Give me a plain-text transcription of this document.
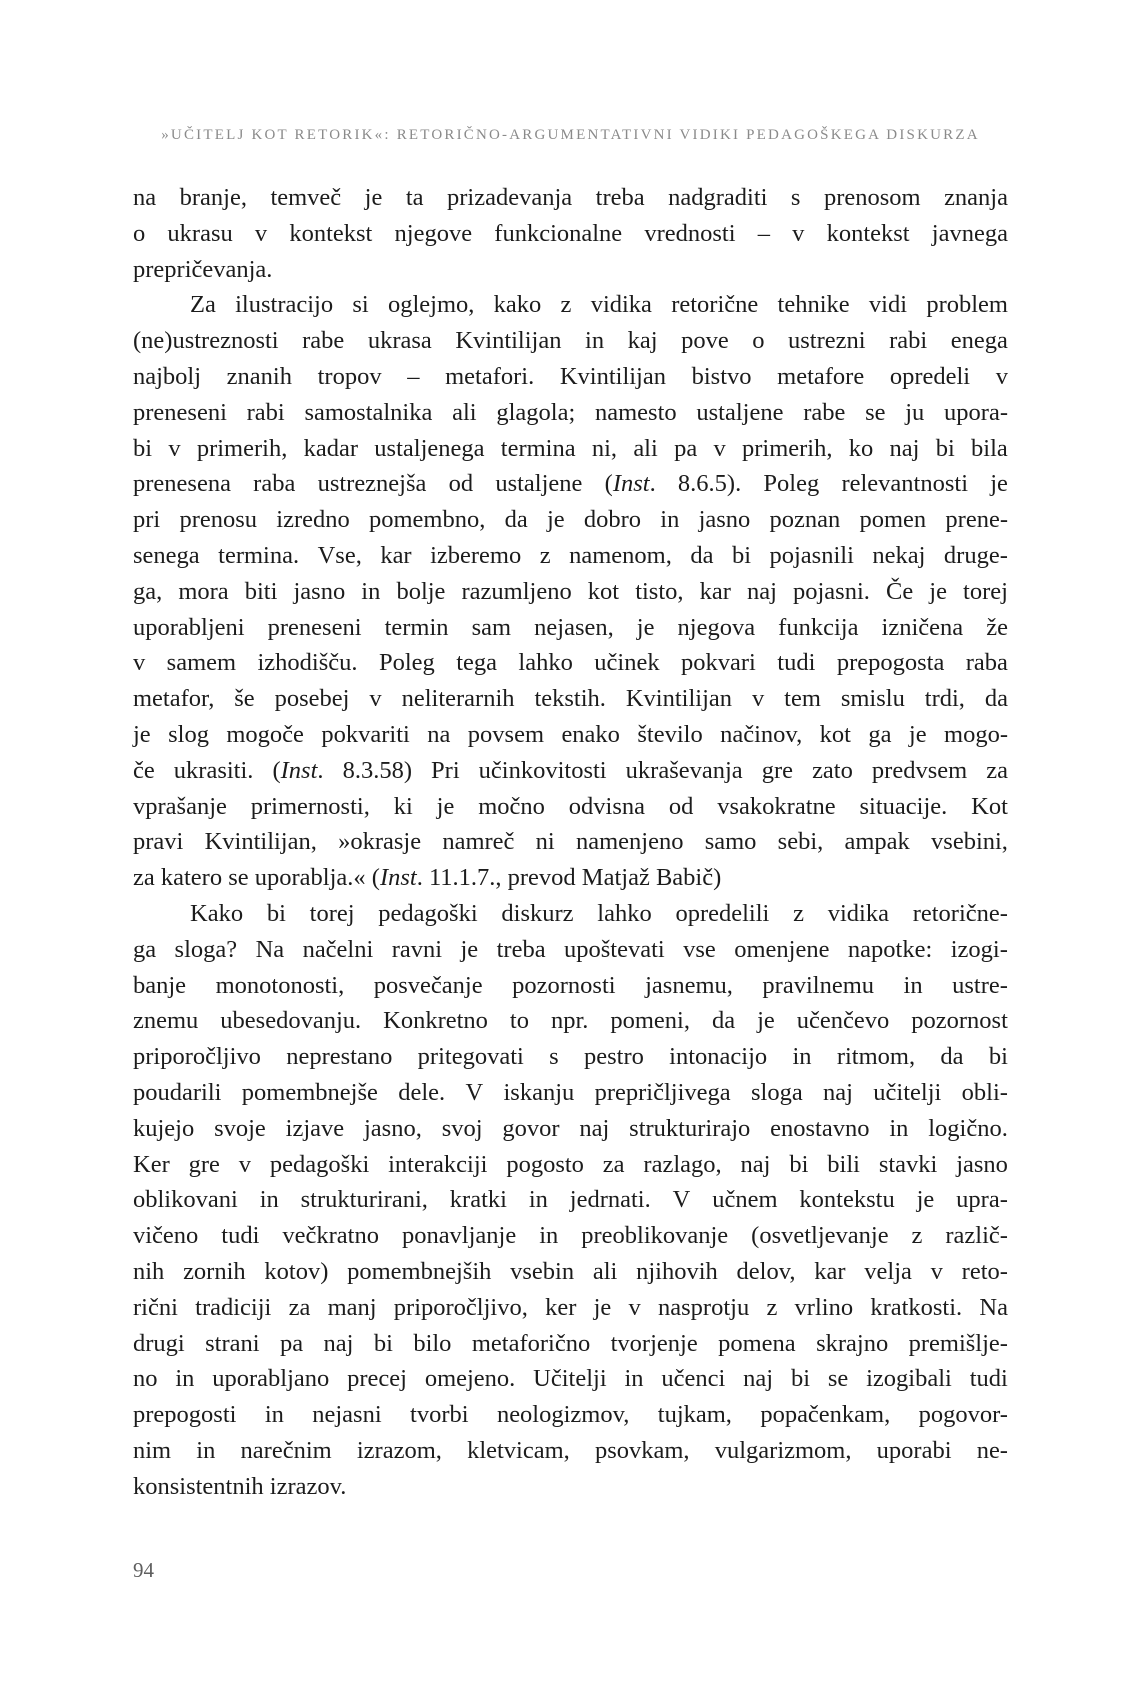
»UČITELJ KOT RETORIK«: RETORIČNO-ARGUMENTATIVNI VIDIKI PEDAGOŠKEGA DISKURZA
na branje, temveč je ta prizadevanja treba nadgraditi s prenosom znanja
o ukrasu v kontekst njegove funkcionalne vrednosti – v kontekst javnega
prepričevanja.
Za ilustracijo si oglejmo, kako z vidika retorične tehnike vidi problem
(ne)ustreznosti rabe ukrasa Kvintilijan in kaj pove o ustrezni rabi enega
najbolj znanih tropov – metafori. Kvintilijan bistvo metafore opredeli v
preneseni rabi samostalnika ali glagola; namesto ustaljene rabe se ju upora-
bi v primerih, kadar ustaljenega termina ni, ali pa v primerih, ko naj bi bila
prenesena raba ustreznejša od ustaljene (Inst. 8.6.5). Poleg relevantnosti je
pri prenosu izredno pomembno, da je dobro in jasno poznan pomen prene-
senega termina. Vse, kar izberemo z namenom, da bi pojasnili nekaj druge-
ga, mora biti jasno in bolje razumljeno kot tisto, kar naj pojasni. Če je torej
uporabljeni preneseni termin sam nejasen, je njegova funkcija izničena že
v samem izhodišču. Poleg tega lahko učinek pokvari tudi prepogosta raba
metafor, še posebej v neliterarnih tekstih. Kvintilijan v tem smislu trdi, da
je slog mogoče pokvariti na povsem enako število načinov, kot ga je mogo-
če ukrasiti. (Inst. 8.3.58) Pri učinkovitosti ukraševanja gre zato predvsem za
vprašanje primernosti, ki je močno odvisna od vsakokratne situacije. Kot
pravi Kvintilijan, »okrasje namreč ni namenjeno samo sebi, ampak vsebini,
za katero se uporablja.« (Inst. 11.1.7., prevod Matjaž Babič)
Kako bi torej pedagoški diskurz lahko opredelili z vidika retorične-
ga sloga? Na načelni ravni je treba upoštevati vse omenjene napotke: izogi-
banje monotonosti, posvečanje pozornosti jasnemu, pravilnemu in ustre-
znemu ubesedovanju. Konkretno to npr. pomeni, da je učenčevo pozornost
priporočljivo neprestano pritegovati s pestro intonacijo in ritmom, da bi
poudarili pomembnejše dele. V iskanju prepričljivega sloga naj učitelji obli-
kujejo svoje izjave jasno, svoj govor naj strukturirajo enostavno in logično.
Ker gre v pedagoški interakciji pogosto za razlago, naj bi bili stavki jasno
oblikovani in strukturirani, kratki in jedrnati. V učnem kontekstu je upra-
vičeno tudi večkratno ponavljanje in preoblikovanje (osvetljevanje z različ-
nih zornih kotov) pomembnejših vsebin ali njihovih delov, kar velja v reto-
rični tradiciji za manj priporočljivo, ker je v nasprotju z vrlino kratkosti. Na
drugi strani pa naj bi bilo metaforično tvorjenje pomena skrajno premišlje-
no in uporabljano precej omejeno. Učitelji in učenci naj bi se izogibali tudi
prepogosti in nejasni tvorbi neologizmov, tujkam, popačenkam, pogovor-
nim in narečnim izrazom, kletvicam, psovkam, vulgarizmom, uporabi ne-
konsistentnih izrazov.
94
